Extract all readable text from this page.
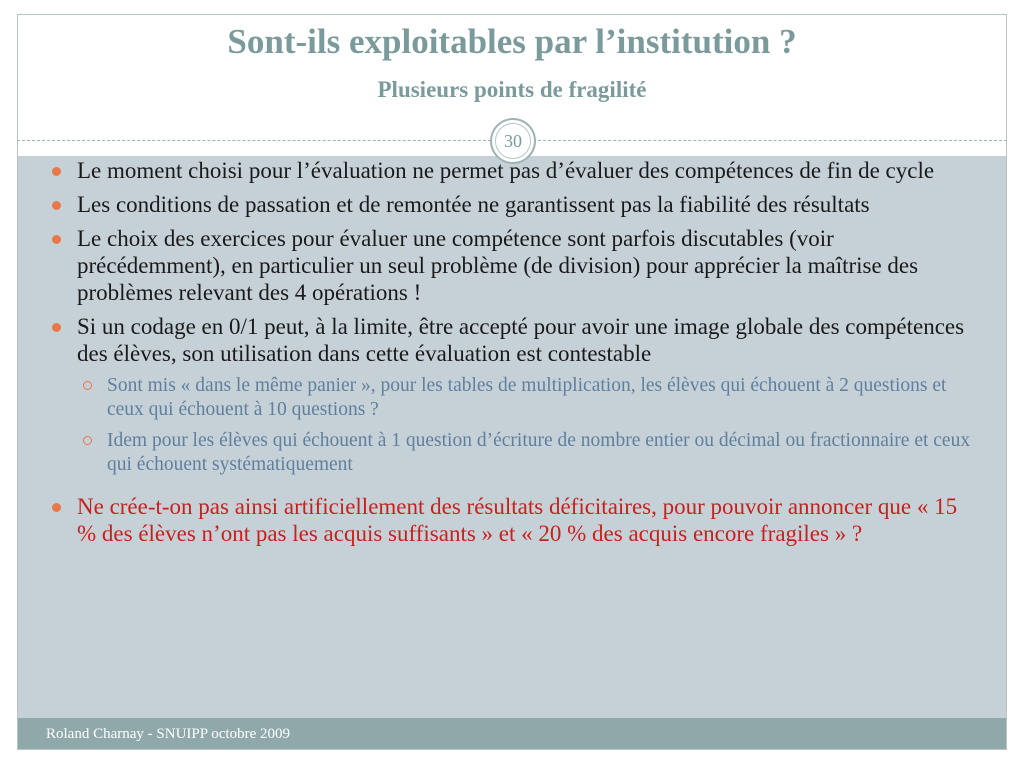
Sont-ils exploitables par l’institution ?
Plusieurs points de fragilité
30
Le moment choisi pour l’évaluation ne permet pas d’évaluer des compétences de fin de cycle
Les conditions de passation et de remontée ne garantissent pas la fiabilité des résultats
Le choix des exercices pour évaluer une compétence sont parfois discutables (voir précédemment), en particulier un seul problème (de division) pour apprécier la maîtrise des problèmes relevant des 4 opérations !
Si un codage en 0/1 peut, à la limite, être accepté pour avoir une image globale des compétences des élèves, son utilisation dans cette évaluation est contestable
Sont mis « dans le même panier », pour les tables de multiplication, les élèves qui échouent à 2 questions et ceux qui échouent à 10 questions ?
Idem pour les élèves qui échouent à 1 question d’écriture de nombre entier ou décimal ou fractionnaire et ceux qui échouent systématiquement
Ne crée-t-on pas ainsi artificiellement des résultats déficitaires, pour pouvoir annoncer que « 15 % des élèves n’ont pas les acquis suffisants » et « 20 % des acquis encore fragiles » ?
Roland Charnay - SNUIPP octobre 2009
